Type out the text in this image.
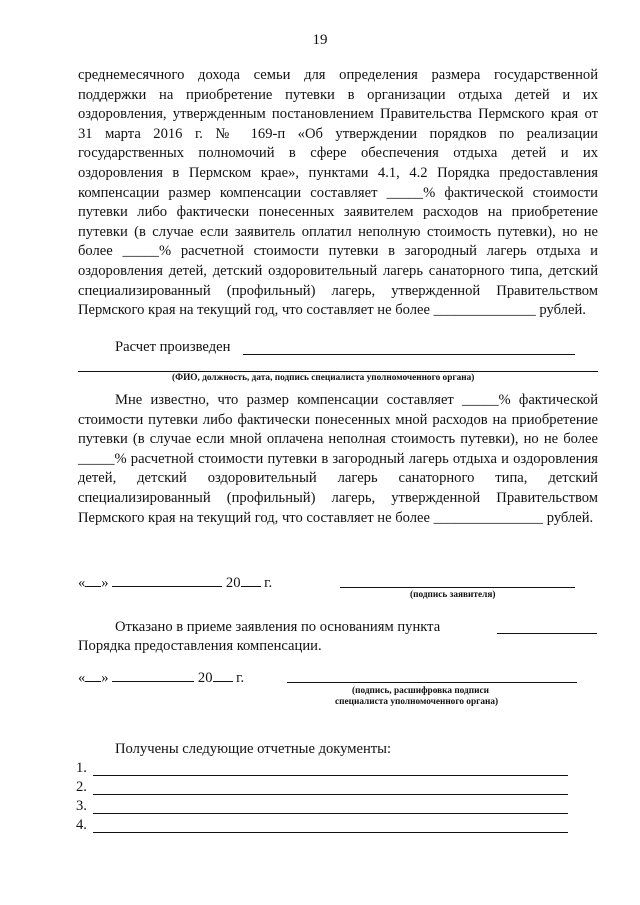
19

среднемесячного дохода семьи для определения размера государственной поддержки на приобретение путевки в организации отдыха детей и их оздоровления, утвержденным постановлением Правительства Пермского края от 31 марта 2016 г. № 169-п «Об утверждении порядков по реализации государственных полномочий в сфере обеспечения отдыха детей и их оздоровления в Пермском крае», пунктами 4.1, 4.2 Порядка предоставления компенсации размер компенсации составляет _____% фактической стоимости путевки либо фактически понесенных заявителем расходов на приобретение путевки (в случае если заявитель оплатил неполную стоимость путевки), но не более _____% расчетной стоимости путевки в загородный лагерь отдыха и оздоровления детей, детский оздоровительный лагерь санаторного типа, детский специализированный (профильный) лагерь, утвержденной Правительством Пермского края на текущий год, что составляет не более ______________ рублей.

Расчет произведен
(ФИО, должность, дата, подпись специалиста уполномоченного органа)

Мне известно, что размер компенсации составляет _____% фактической стоимости путевки либо фактически понесенных мной расходов на приобретение путевки (в случае если мной оплачена неполная стоимость путевки), но не более _____% расчетной стоимости путевки в загородный лагерь отдыха и оздоровления детей, детский оздоровительный лагерь санаторного типа, детский специализированный (профильный) лагерь, утвержденной Правительством Пермского края на текущий год, что составляет не более _______________ рублей.

« »	20 г.
(подпись заявителя)
Отказано в приеме заявления по основаниям пункта
Порядка предоставления компенсации.
« »	20 г.
(подпись, расшифровка подписи
специалиста уполномоченного органа)
Получены следующие отчетные документы:
1.
2.
3.
4.
